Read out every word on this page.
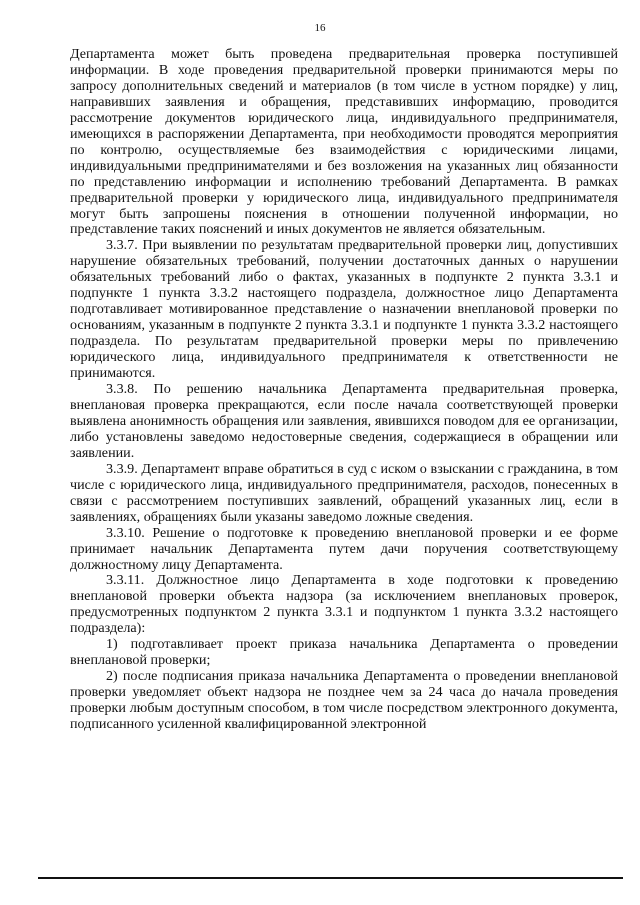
16

Департамента может быть проведена предварительная проверка поступившей информации. В ходе проведения предварительной проверки принимаются меры по запросу дополнительных сведений и материалов (в том числе в устном порядке) у лиц, направивших заявления и обращения, представивших информацию, проводится рассмотрение документов юридического лица, индивидуального предпринимателя, имеющихся в распоряжении Департамента, при необходимости проводятся мероприятия по контролю, осуществляемые без взаимодействия с юридическими лицами, индивидуальными предпринимателями и без возложения на указанных лиц обязанности по представлению информации и исполнению требований Департамента. В рамках предварительной проверки у юридического лица, индивидуального предпринимателя могут быть запрошены пояснения в отношении полученной информации, но представление таких пояснений и иных документов не является обязательным.

3.3.7. При выявлении по результатам предварительной проверки лиц, допустивших нарушение обязательных требований, получении достаточных данных о нарушении обязательных требований либо о фактах, указанных в подпункте 2 пункта 3.3.1 и подпункте 1 пункта 3.3.2 настоящего подраздела, должностное лицо Департамента подготавливает мотивированное представление о назначении внеплановой проверки по основаниям, указанным в подпункте 2 пункта 3.3.1 и подпункте 1 пункта 3.3.2 настоящего подраздела. По результатам предварительной проверки меры по привлечению юридического лица, индивидуального предпринимателя к ответственности не принимаются.

3.3.8. По решению начальника Департамента предварительная проверка, внеплановая проверка прекращаются, если после начала соответствующей проверки выявлена анонимность обращения или заявления, явившихся поводом для ее организации, либо установлены заведомо недостоверные сведения, содержащиеся в обращении или заявлении.

3.3.9. Департамент вправе обратиться в суд с иском о взыскании с гражданина, в том числе с юридического лица, индивидуального предпринимателя, расходов, понесенных в связи с рассмотрением поступивших заявлений, обращений указанных лиц, если в заявлениях, обращениях были указаны заведомо ложные сведения.

3.3.10. Решение о подготовке к проведению внеплановой проверки и ее форме принимает начальник Департамента путем дачи поручения соответствующему должностному лицу Департамента.

3.3.11. Должностное лицо Департамента в ходе подготовки к проведению внеплановой проверки объекта надзора (за исключением внеплановых проверок, предусмотренных подпунктом 2 пункта 3.3.1 и подпунктом 1 пункта 3.3.2 настоящего подраздела):

1) подготавливает проект приказа начальника Департамента о проведении внеплановой проверки;

2) после подписания приказа начальника Департамента о проведении внеплановой проверки уведомляет объект надзора не позднее чем за 24 часа до начала проведения проверки любым доступным способом, в том числе посредством электронного документа, подписанного усиленной квалифицированной электронной
